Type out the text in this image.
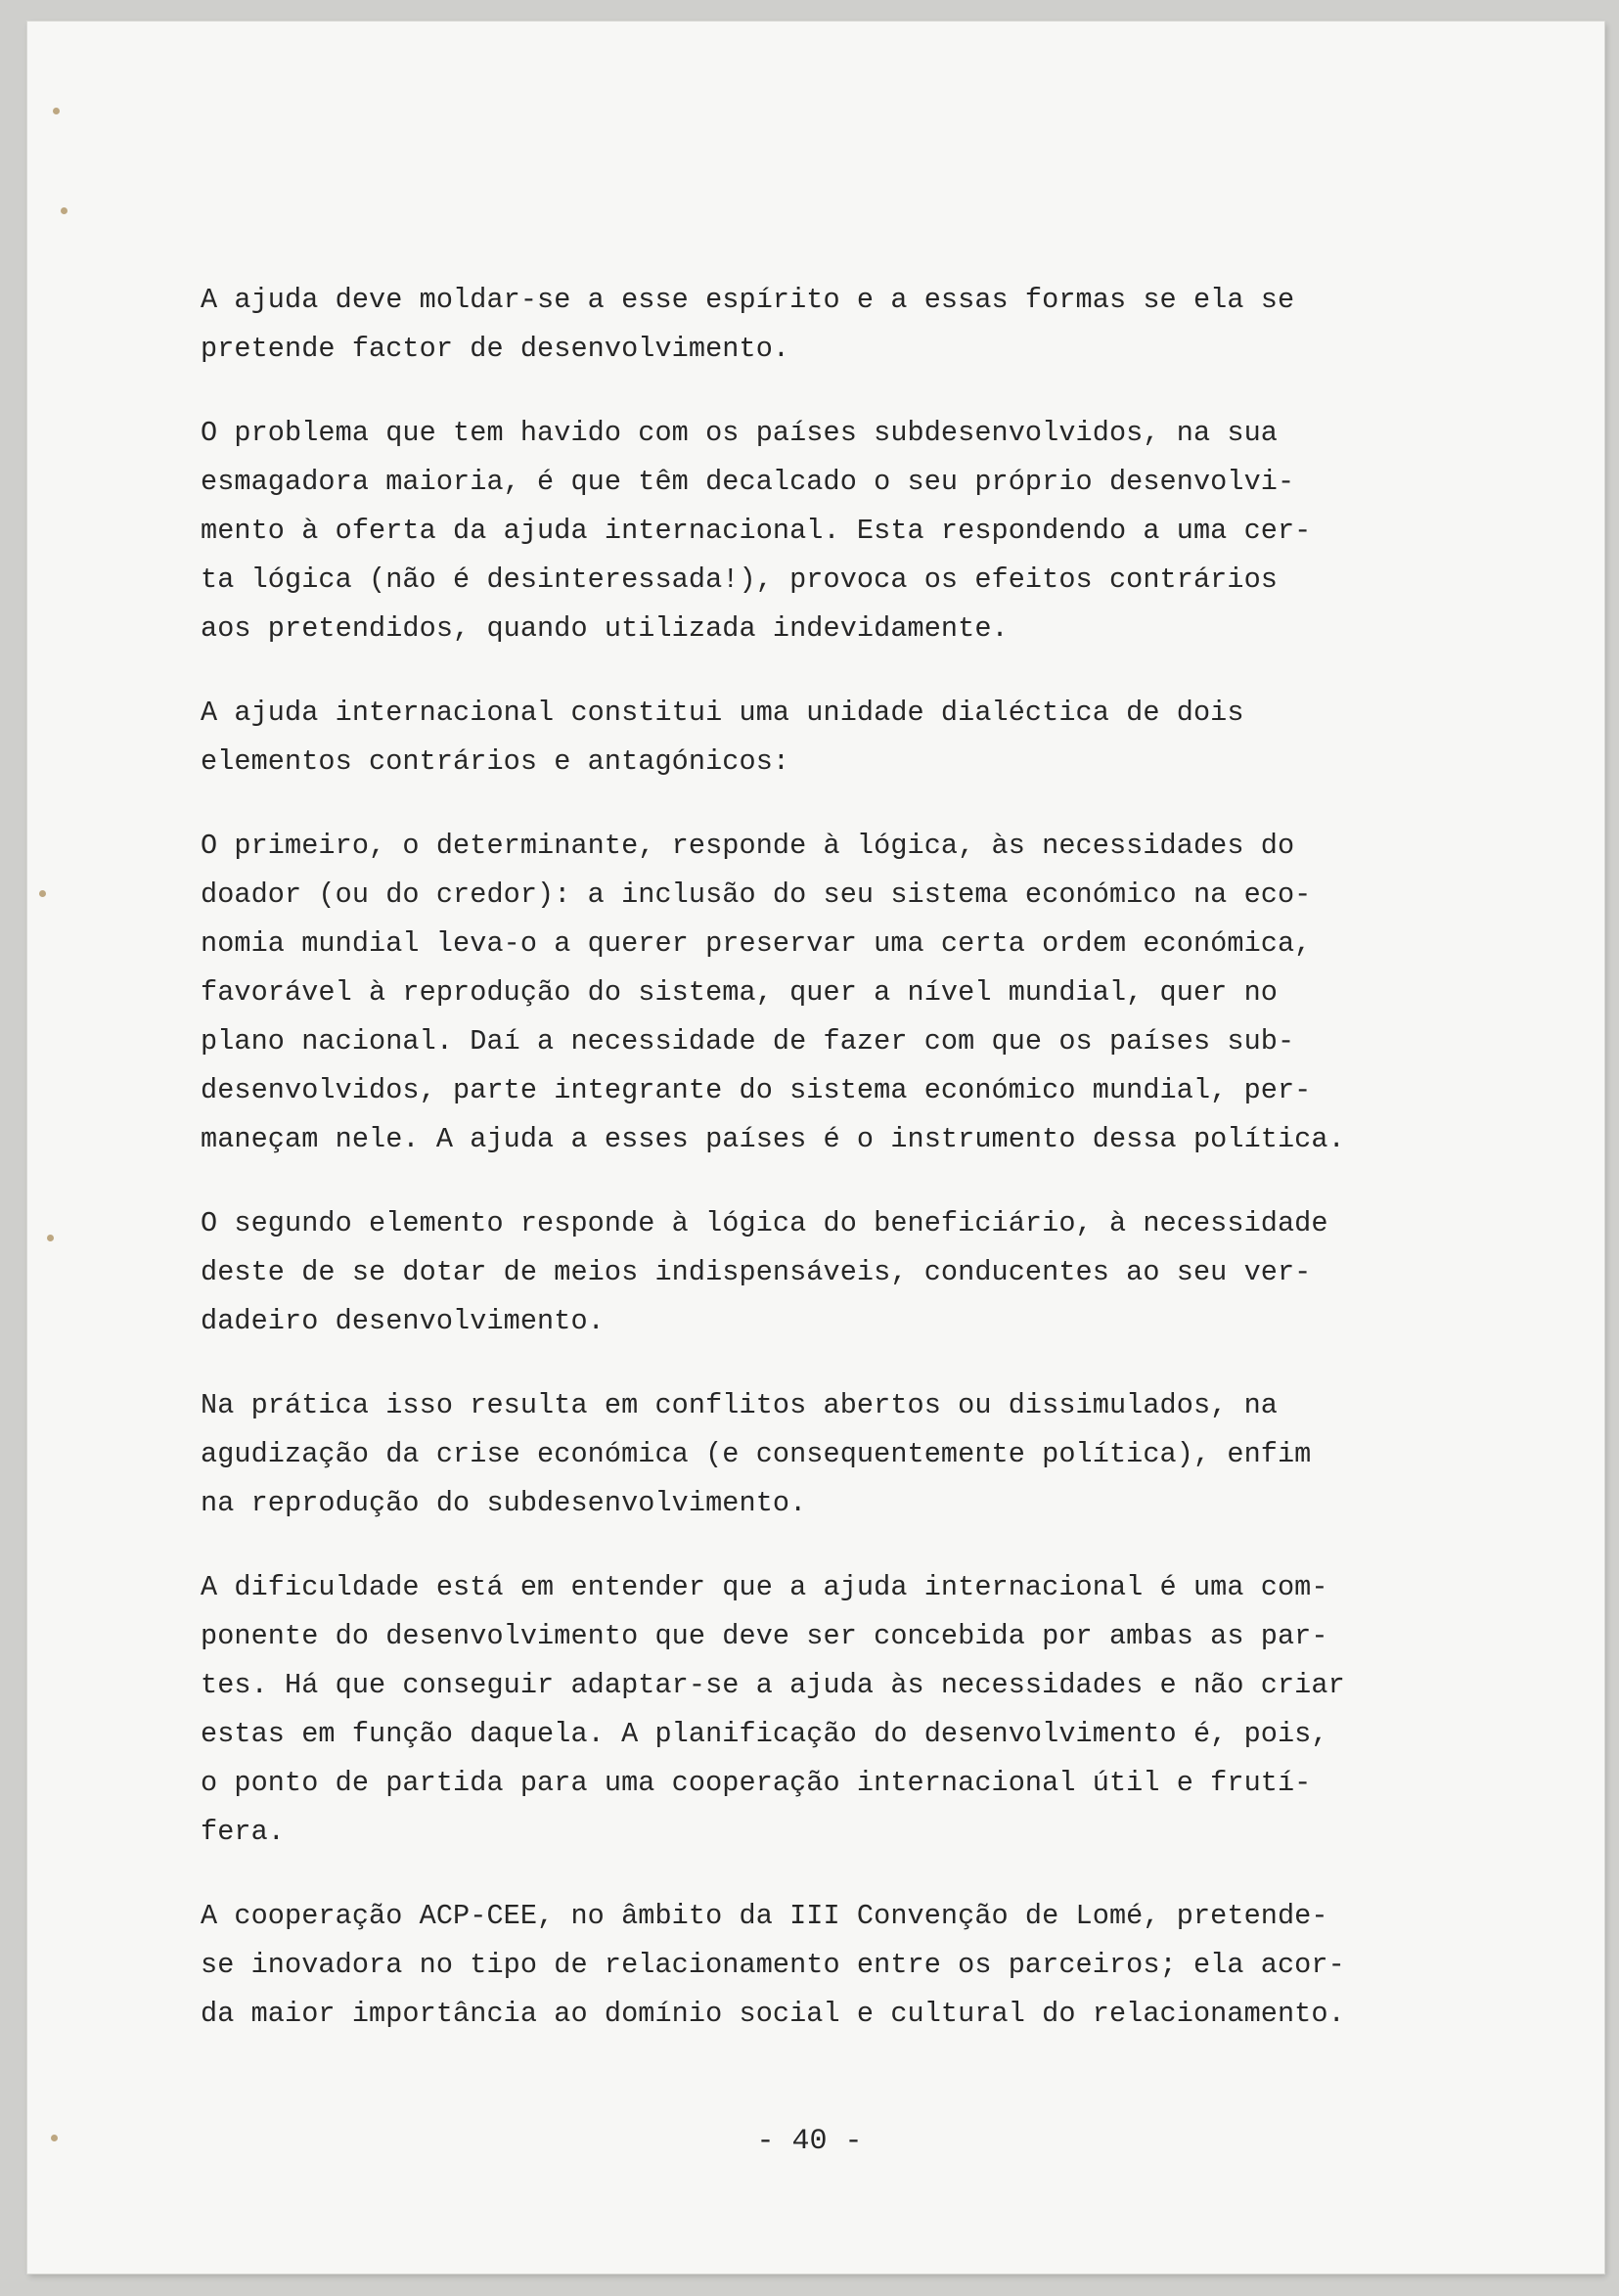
A ajuda deve moldar-se a esse espírito e a essas formas se ela se
pretende factor de desenvolvimento.
O problema que tem havido com os países subdesenvolvidos, na sua
esmagadora maioria, é que têm decalcado o seu próprio desenvolvi-
mento à oferta da ajuda internacional. Esta respondendo a uma cer-
ta lógica (não é desinteressada!), provoca os efeitos contrários
aos pretendidos, quando utilizada indevidamente.
A ajuda internacional constitui uma unidade dialéctica de dois
elementos contrários e antagónicos:
O primeiro, o determinante, responde à lógica, às necessidades do
doador (ou do credor): a inclusão do seu sistema económico na eco-
nomia mundial leva-o a querer preservar uma certa ordem económica,
favorável à reprodução do sistema, quer a nível mundial, quer no
plano nacional. Daí a necessidade de fazer com que os países sub-
desenvolvidos, parte integrante do sistema económico mundial, per-
maneçam nele. A ajuda a esses países é o instrumento dessa política.
O segundo elemento responde à lógica do beneficiário, à necessidade
deste de se dotar de meios indispensáveis, conducentes ao seu ver-
dadeiro desenvolvimento.
Na prática isso resulta em conflitos abertos ou dissimulados, na
agudização da crise económica (e consequentemente política), enfim
na reprodução do subdesenvolvimento.
A dificuldade está em entender que a ajuda internacional é uma com-
ponente do desenvolvimento que deve ser concebida por ambas as par-
tes. Há que conseguir adaptar-se a ajuda às necessidades e não criar
estas em função daquela. A planificação do desenvolvimento é, pois,
o ponto de partida para uma cooperação internacional útil e frutí-
fera.
A cooperação ACP-CEE, no âmbito da III Convenção de Lomé, pretende-
se inovadora no tipo de relacionamento entre os parceiros; ela acor-
da maior importância ao domínio social e cultural do relacionamento.
- 40 -
